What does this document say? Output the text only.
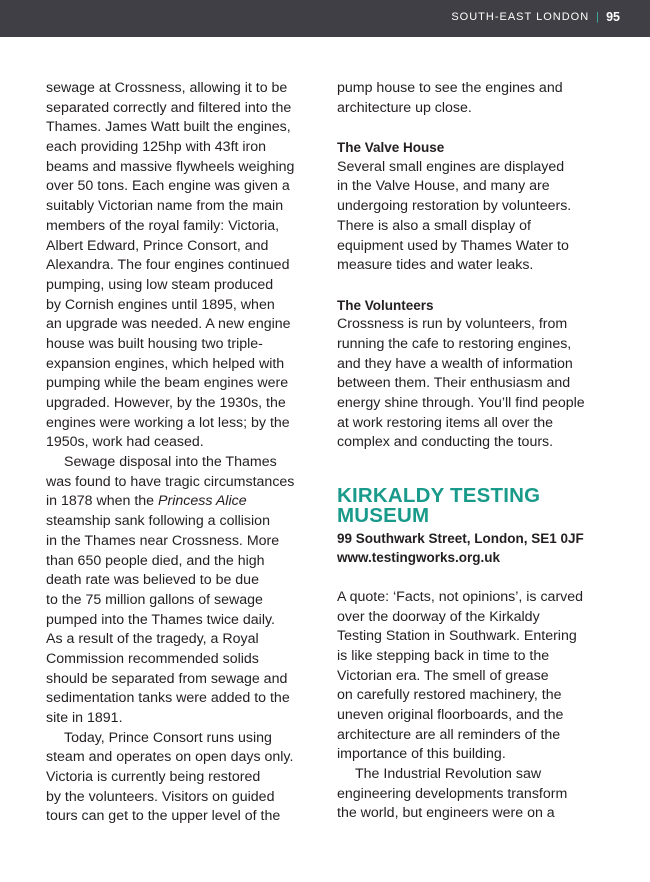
SOUTH-EAST LONDON | 95
sewage at Crossness, allowing it to be
separated correctly and filtered into the
Thames. James Watt built the engines,
each providing 125hp with 43ft iron
beams and massive flywheels weighing
over 50 tons. Each engine was given a
suitably Victorian name from the main
members of the royal family: Victoria,
Albert Edward, Prince Consort, and
Alexandra. The four engines continued
pumping, using low steam produced
by Cornish engines until 1895, when
an upgrade was needed. A new engine
house was built housing two triple-
expansion engines, which helped with
pumping while the beam engines were
upgraded. However, by the 1930s, the
engines were working a lot less; by the
1950s, work had ceased.
Sewage disposal into the Thames
was found to have tragic circumstances
in 1878 when the Princess Alice
steamship sank following a collision
in the Thames near Crossness. More
than 650 people died, and the high
death rate was believed to be due
to the 75 million gallons of sewage
pumped into the Thames twice daily.
As a result of the tragedy, a Royal
Commission recommended solids
should be separated from sewage and
sedimentation tanks were added to the
site in 1891.
Today, Prince Consort runs using
steam and operates on open days only.
Victoria is currently being restored
by the volunteers. Visitors on guided
tours can get to the upper level of the
pump house to see the engines and
architecture up close.
The Valve House
Several small engines are displayed
in the Valve House, and many are
undergoing restoration by volunteers.
There is also a small display of
equipment used by Thames Water to
measure tides and water leaks.
The Volunteers
Crossness is run by volunteers, from
running the cafe to restoring engines,
and they have a wealth of information
between them. Their enthusiasm and
energy shine through. You’ll find people
at work restoring items all over the
complex and conducting the tours.
KIRKALDY TESTING
MUSEUM
99 Southwark Street, London, SE1 0JF
www.testingworks.org.uk
A quote: ‘Facts, not opinions’, is carved
over the doorway of the Kirkaldy
Testing Station in Southwark. Entering
is like stepping back in time to the
Victorian era. The smell of grease
on carefully restored machinery, the
uneven original floorboards, and the
architecture are all reminders of the
importance of this building.
The Industrial Revolution saw
engineering developments transform
the world, but engineers were on a
